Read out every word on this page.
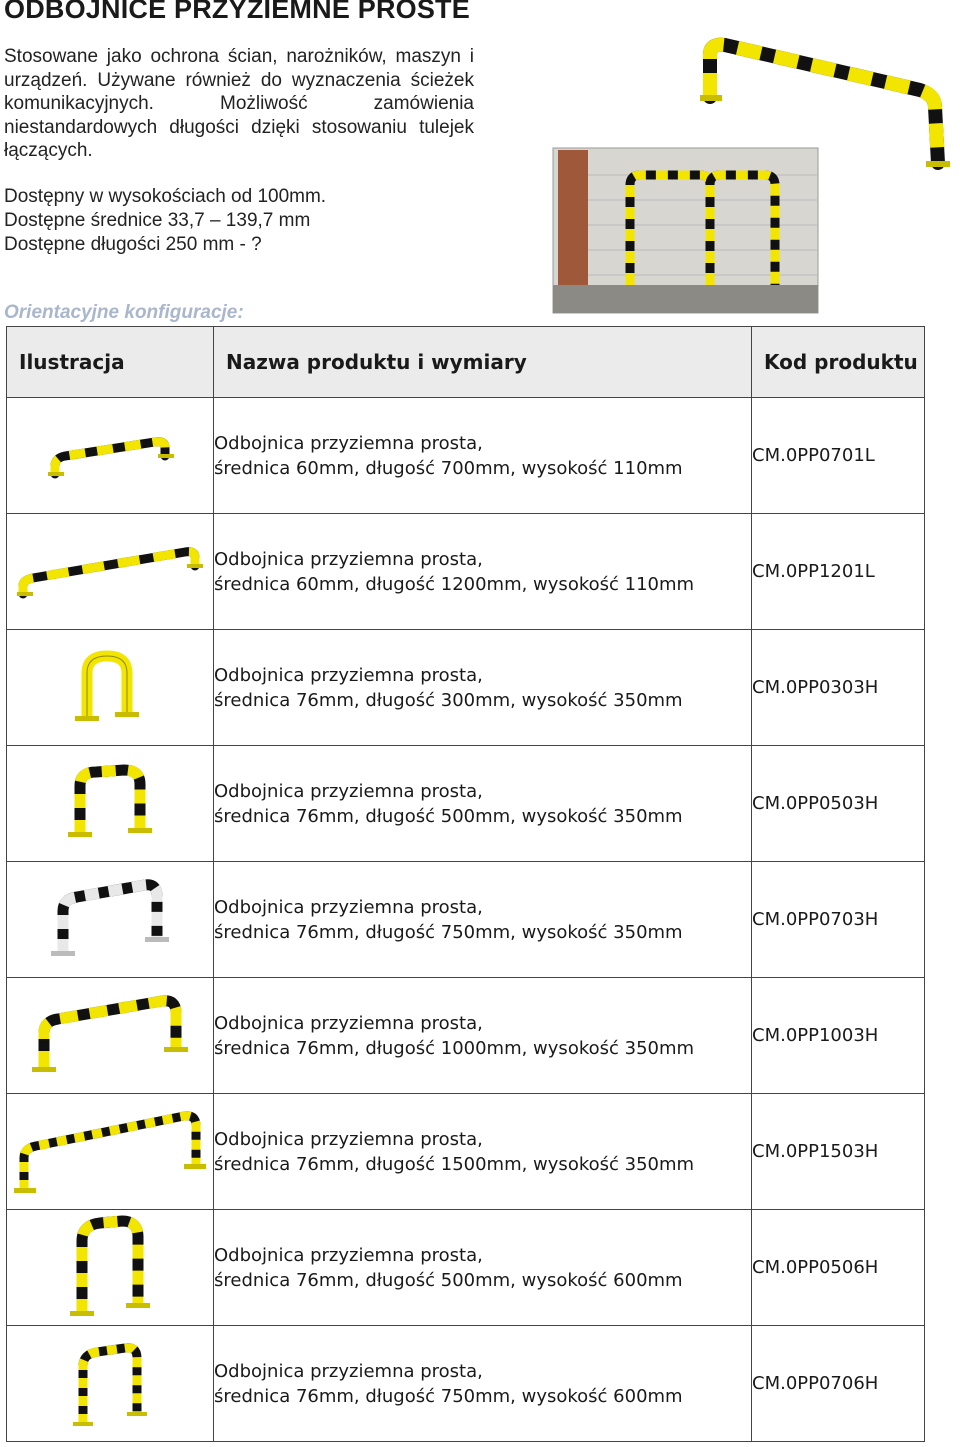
ODBOJNICE PRZYZIEMNE PROSTE

Stosowane jako ochrona ścian, narożników, maszyn i urządzeń. Używane również do wyznaczenia ścieżek komunikacyjnych. Możliwość zamówienia niestandardowych długości dzięki stosowaniu tulejek łączących.

Dostępny w wysokościach od 100mm.
Dostępne średnice 33,7 – 139,7 mm
Dostępne długości 250 mm - ?
Orientacyjne konfiguracje:
Ilustracja	Nazwa produktu i wymiary	Kod produktu

Odbojnica przyziemna prosta,
średnica 60mm, długość 700mm, wysokość 110mm	CM.0PP0701L

Odbojnica przyziemna prosta,
średnica 60mm, długość 1200mm, wysokość 110mm	CM.0PP1201L

Odbojnica przyziemna prosta,
średnica 76mm, długość 300mm, wysokość 350mm	CM.0PP0303H

Odbojnica przyziemna prosta,
średnica 76mm, długość 500mm, wysokość 350mm	CM.0PP0503H

Odbojnica przyziemna prosta,
średnica 76mm, długość 750mm, wysokość 350mm	CM.0PP0703H

Odbojnica przyziemna prosta,
średnica 76mm, długość 1000mm, wysokość 350mm	CM.0PP1003H

Odbojnica przyziemna prosta,
średnica 76mm, długość 1500mm, wysokość 350mm	CM.0PP1503H

Odbojnica przyziemna prosta,
średnica 76mm, długość 500mm, wysokość 600mm	CM.0PP0506H

Odbojnica przyziemna prosta,
średnica 76mm, długość 750mm, wysokość 600mm	CM.0PP0706H
